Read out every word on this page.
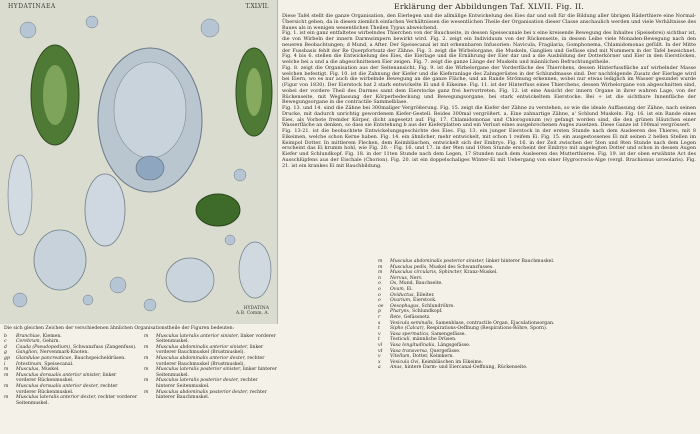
HYDATINAEA	T.XLVII.
HYDATINA
A.B. Comm. A.
Erklärung der Abbildungen Taf. XLVII. Fig. II.

Diese Tafel stellt die ganze Organisation, den Eierlegen und die allmälige Entwickelung des Eies dar und soll für die Bildung aller übrigen Räderthiere eine Normal-Übersicht geben, da in diesen ziemlich einfachen Verhältnissen die wesentlichen Theile der Organisation dieser Classe anschaulich werden und viele Verhältnisse des Baues als in wenigen wesentlichen Theilen Typus abweichend.

Fig. 1. ist ein ganz entfaltetes wirbelndes Thierchen von der Bauchseite, in dessen Speisecanale bei x eine kreisende Bewegung des Inhaltes (Speisebrei) sichtbar ist, die von Wirbeln der innern Darmwimpern bewirkt wird. Fig. 2. zeigt ein Individuum von der Rückenseite, in dessen Leibe viele Monaden-Bewegung nach den neueren Beobachtungen; d Mund, a After. Der Speisecanal ist mit erkennbaren Infusorien: Navicula, Fragilaria, Gomphonema, Chlamidomonas gefüllt. In der Mitte der Fussbasis fehlt der Re Querpfortsatz der Zähne. Fig. 3. zeigt die Wirbelorgane, die Muskeln, Ganglien und Gefässe sind mit Nummern in der Tafel bezeichnet. Fig. 4 bis 6. stellen die Entwickelung des Eies, die Eierlage und die Ernährung der Eier dar und a die Ausbildung der Dotterkörner und Eier in den Eierstöcken, welche bei a und a die abgeschnittenen Eier zeigen. Fig. 7. zeigt die ganze Länge der Muskeln und männlichen Befruchtungstheile.

Fig. 8. zeigt die Organisation aus der Seitenansicht, Fig. 9. ist die Wirbelorgane der Vorderfläche des Thierchens, dessen Hinterfussfläche auf wirbelnder Masse welchen befestigt. Fig. 10. ist die Zahnung der Kiefer und die Kieferanlage des Zahngerüstes in der Schlundmasse sind. Der nachfolgende Zusatz der Eierlage wird bei Eiern, wo es nur auch die wirbelnde Bewegung an die ganze Fläche, und an Rande Strömung erkennen, wobei nur etwas lediglich im Wasser gesundet wurde (Figur von 1830). Der Eierstock hat 2 stark entwickelte Ei und 6 Eikeime. Fig. 11. ist der Hinterfuss eines Thierchens, dessen Wirbelorgane von abgeschnitten sind, wobei der vordere Theil des Darmes samt dem Eierstocke ganz frei hervortreten. Fig. 12. ist eine Ansicht der innern Organe in ihrer wahren Lage, von der Rückenseite, mit Weglassung der Körperbedeckung und Bewegungsorgane, bei stark entwickeltem Eierstocke. Bei + ist die sichtbare Innenfläche der Bewegungsorgane in die contractile Sammelblase.

Fig. 13. und 14. sind die Zähne bei 300maliger Vergrößerung. Fig. 15. zeigt die Kiefer der Zähne zu verstehen, so wie die ideale Auffassung der Zähne, nach seinen Drucke, mit dadurch unrichtig gewordenem Kiefer-Gestell. Beides 300mal vergrößert. a. Eine zahnartige Zähne, a' Schlund Muskeln. Fig. 16. ist ein Rande eines Eies, als Vorbote fremder Körper, dicht angesetzt auf. Fig. 17. Chlamidomonas und Chlorogonium (w) gefangt worden sind, die den grünen Häutchen einer Wasserfläche an denken, so dass sie Entstehung b aus der Kieferplatten und ein Verlust eines ausgebrochenen Auges zusetzen. Diese Ganze ist 100mal vergrössert.

Fig. 13-21. ist die beobachtete Entwickelungsgeschichte des Eies. Fig. 13. ein junger Eierstock in der ersten Stunde nach dem Ausleeren des Thieres, mit 8 Eikeimen, welche schon Kerne haben. Fig. 14. ein ähnlicher, mehr entwickelt, mit schon 1 reifem Ei. Fig. 15. ein ausgestossenes Ei mit seinen 2 hellen Stellen im Keimpol Dotter. In mittlerem Flecken, dem Keimbläschen, entwickelt sich der Embryo. Fig. 16. in der Zeit zwischen der 5ten und 8ten Stunde nach dem Legen erscheint das Ei krumm hohl, wie Fig. 20. - Fig. 16. und 17. in der 9ten und 10ten Stunde erscheint der Embryo mit angelegten Dotter und schon in dessen Augen Kiefer und Schlundkopf. Fig. 18. in der 11ten Stunde nach dem Legen, 17 Stunden nach dem Ausleeren des Mutterthieres. Fig. 19. ist der oben erwähnte Act des Ausschlüpfens aus der Eischale (Chorion). Fig. 20. ist ein doppelschaliges Winter-Ei mit Uebergang von einer Hygrocrocis-Alge (vergl. Brachionus urceolaris). Fig. 21. ist ein krankes Ei mit Bauchbildung.

Die sich gleichen Zeichen der verschiedenen ähnlichen Organisationstheile der Figuren bedeuten:
b	Branchiae, Kiemen.
c	Cerebrum, Gehirn.
d	Cauda (Pseudopodium), Schwanzfuss (Zangenfuss).
g	Ganglion, Nervenmark-Knoten.
gp	Glandulae pancreaticae, Bauchspeicheldrüsen.
i	Intestinum, Speisecanal.
m	Musculus, Muskel.
m	Musculus dorsualis anterior sinister, linker vorderer Rückenmuskel.
m	Musculus dorsualis anterior dexter, rechter vorderer Rückenmuskel.
m	Musculus lateralis anterior dexter, rechter vorderer Seitenmuskel.
m	Musculus lateralis anterior sinister, linker vorderer Seitenmuskel.
m	Musculus abdominalis anterior sinister, linker vorderer Bauchmuskel (Brustmuskel).
m	Musculus abdominalis anterior dexter, rechter vorderer Bauchmuskel (Brustmuskel).
m	Musculus lateralis posterior sinister, linker hinterer Seitenmuskel.
m	Musculus lateralis posterior dexter, rechter hinterer Seitenmuskel.
m	Musculus abdominalis posterior dexter, rechter hinterer Bauchmuskel.
m	Musculus abdominalis posterior sinister, linker hinterer Bauchmuskel.
m	Musculus pedis, Muskel des Schwanzfusses.
m	Musculus circularis, Sphincter, Kranz-Muskel.
n	Nervus, Nerv.
o	Os, Mund, Bauchseite.
o	Ovum, Ei.
o	Oviductus, Eileiter.
o	Ovarium, Eierstock.
oe	Oesophagus, Schlundröhre.
p	Pharynx, Schlundkopf.
r	Rete, Gefässnetz.
s	Vesicula seminalis, Samenblase, contractile Organ, Ejaculationsorgan.
t	Sipho (Calcar), Respirations-Oeffnung (Respirations-Röhre, Sporn).
v	Vasa spermatica, Samengefässe.
t	Testiculi, männliche Drüsen.
vl	Vasa longitudinalia, Längsgefässe.
vt	Vasa transversa, Quergefässe.
v	Vitellum, Dotter, Keimkern.
x	Vesicula Ovi, Keimbläschen im Eikeime.
a	Anus, hintere Darm- und Eiercanal-Oeffnung, Rückenseite.
